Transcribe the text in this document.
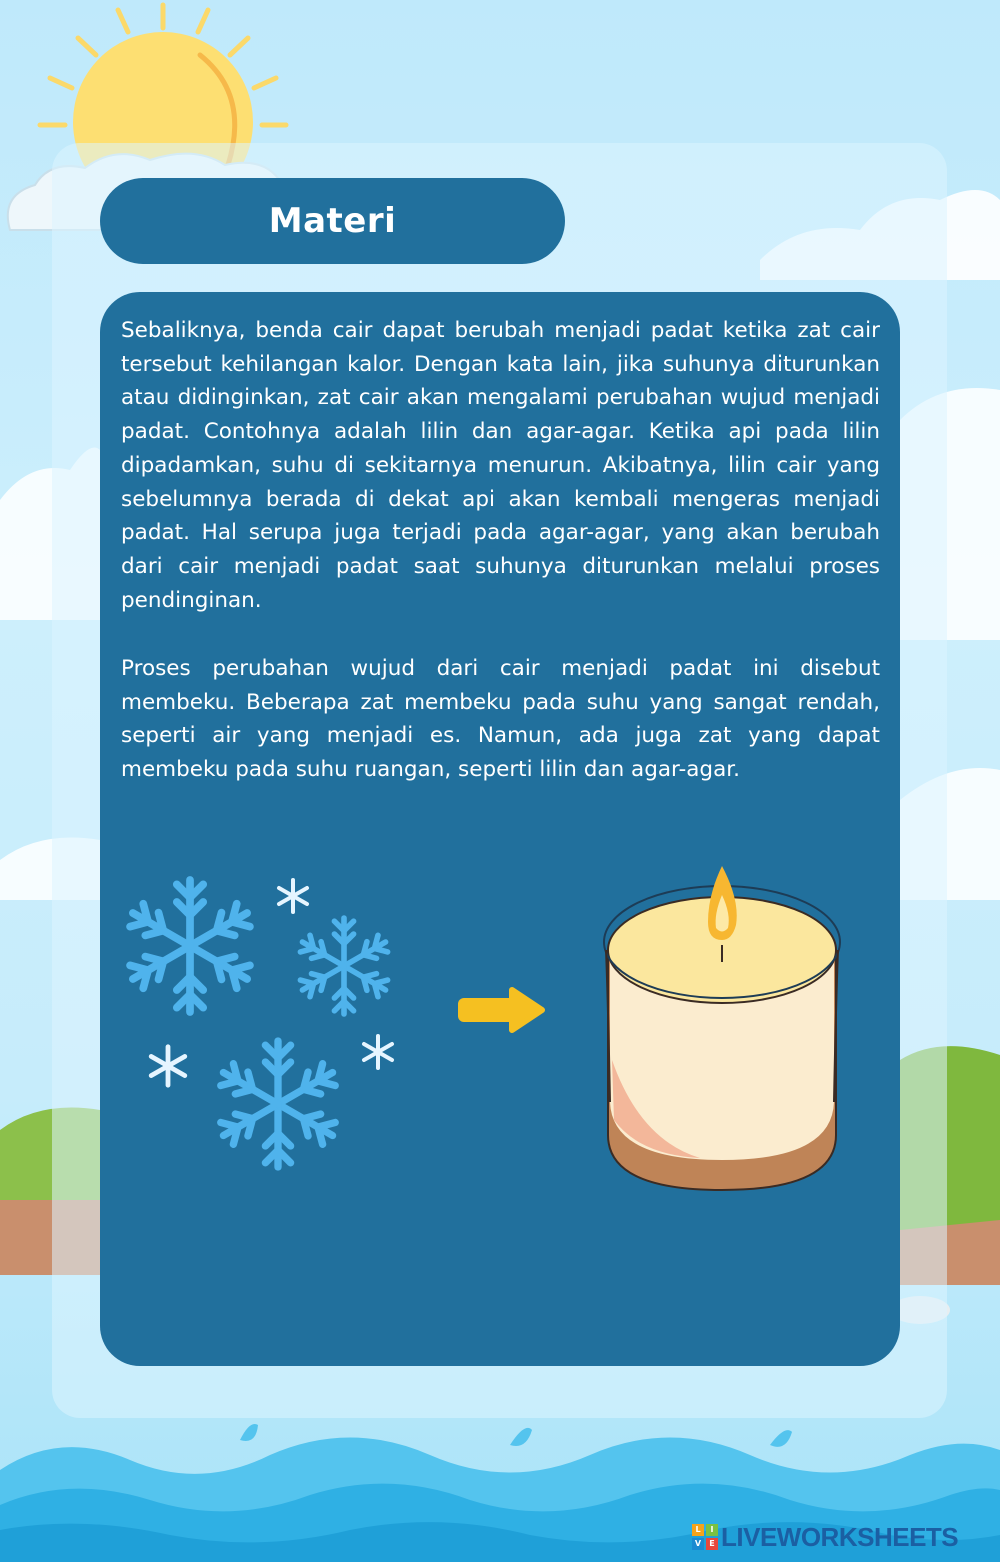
Materi

Sebaliknya, benda cair dapat berubah menjadi padat ketika zat cair tersebut kehilangan kalor. Dengan kata lain, jika suhunya diturunkan atau didinginkan, zat cair akan mengalami perubahan wujud menjadi padat. Contohnya adalah lilin dan agar-agar. Ketika api pada lilin dipadamkan, suhu di sekitarnya menurun. Akibatnya, lilin cair yang sebelumnya berada di dekat api akan kembali mengeras menjadi padat. Hal serupa juga terjadi pada agar-agar, yang akan berubah dari cair menjadi padat saat suhunya diturunkan melalui proses pendinginan.

Proses perubahan wujud dari cair menjadi padat ini disebut membeku. Beberapa zat membeku pada suhu yang sangat rendah, seperti air yang menjadi es. Namun, ada juga zat yang dapat membeku pada suhu ruangan, seperti lilin dan agar-agar.

L	I
V	E LIVEWORKSHEETS
